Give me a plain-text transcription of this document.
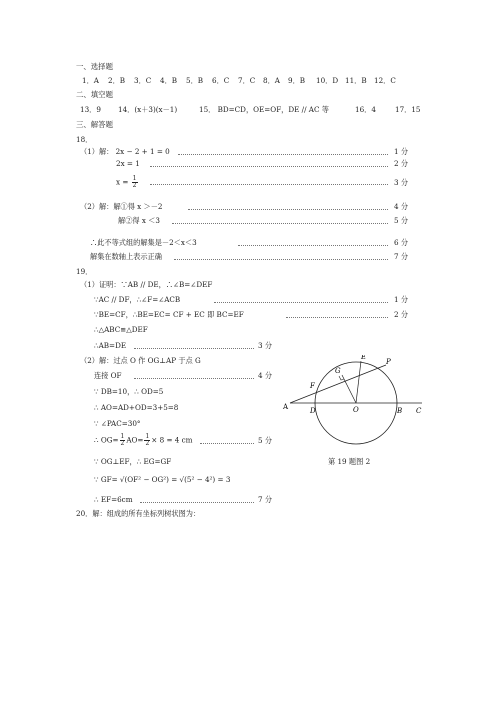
一、选择题
1．A 2．B 3．C 4．B 5．B 6．C 7．C 8．A 9．B 10．D 11．B 12．C
二、填空题
13．9 14．(x＋3)(x－1)	15． BD=CD，OE=OF，DE // AC 等	16．4	17．15
三、解答题
18．
（1）解： 2x − 2 + 1 = 0	1 分
2x = 1	2 分
$x = \frac{1}{2}$	3 分
（2）解：解①得 x ＞－2	4 分
解②得 x ＜3	5 分
∴此不等式组的解集是－2＜x＜3	6 分
解集在数轴上表示正确	7 分
19．
（1）证明：∵AB // DE，∴∠B=∠DEF
∵AC // DF，∴∠F=∠ACB	1 分
∵BE=CF，∴BE=EC= CF + EC 即 BC=EF	2 分
∴△ABC≌△DEF
∴AB=DE	3 分
（2）解：过点 O 作 OG⊥AP 于点 G
连接 OF	4 分
∵ DB=10，∴ OD=5
∴ AO=AD+OD=3+5=8
∵ ∠PAC=30°
∴ $OG= \frac{1}{2} AO= \frac{1}{2} \times 8 = 4$ cm	5 分
∵ OG⊥EF，∴ EG=GF
∵ GF= √(OF² − OG²) = √(5² − 4²) = 3
∴ EF=6cm	7 分
20．解：组成的所有坐标列树状图为：
P
E
G
F
A	D	O	B C
第 19 题图 2
